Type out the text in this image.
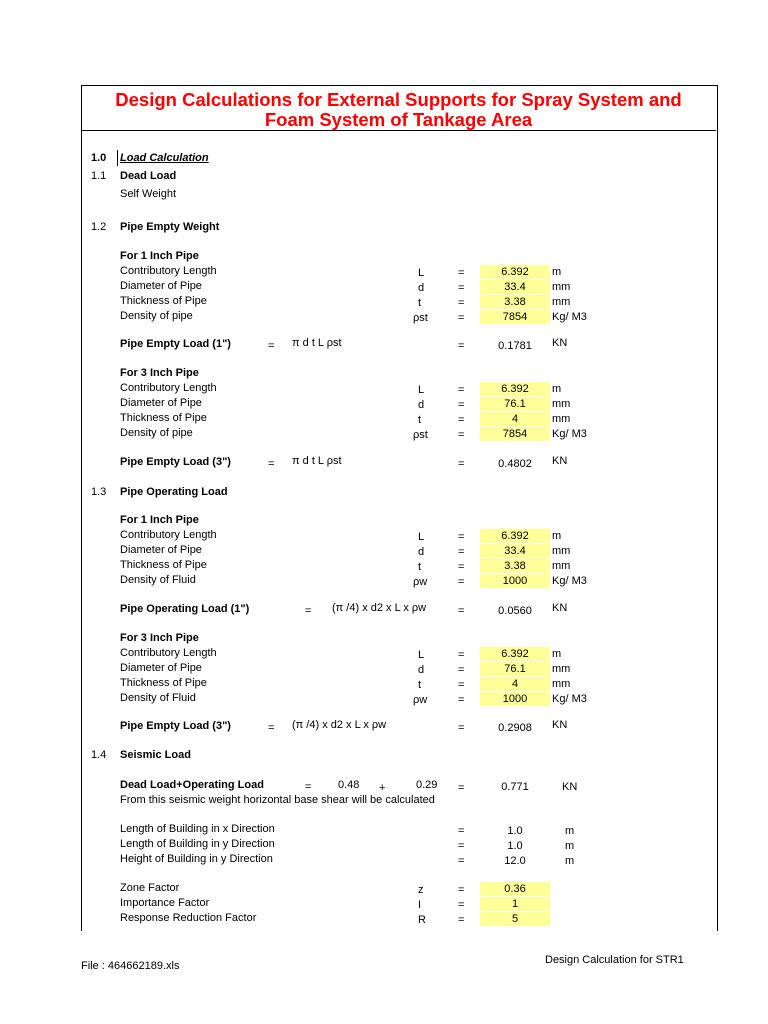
Design Calculations for External Supports for Spray System and
Foam System of Tankage Area
1.0 Load Calculation
1.1 Dead Load
Self Weight
1.2 Pipe Empty Weight
For 1 Inch Pipe
Contributory Length	L	=	6.392	m
Diameter of Pipe	d	=	33.4	mm
Thickness of Pipe	t	=	3.38	mm
Density of pipe	ρst	=	7854	Kg/ M3
Pipe Empty Load (1")	= π d t L ρst	=	0.1781	KN
For 3 Inch Pipe
Contributory Length	L	=	6.392	m
Diameter of Pipe	d	=	76.1	mm
Thickness of Pipe	t	=	4	mm
Density of pipe	ρst	=	7854	Kg/ M3
Pipe Empty Load (3")	= π d t L ρst	=	0.4802	KN
1.3 Pipe Operating Load
For 1 Inch Pipe
Contributory Length	L	=	6.392	m
Diameter of Pipe	d	=	33.4	mm
Thickness of Pipe	t	=	3.38	mm
Density of Fluid	ρw	=	1000	Kg/ M3
Pipe Operating Load (1")	= (π /4) x d2 x L x ρw	=	0.0560	KN
For 3 Inch Pipe
Contributory Length	L	=	6.392	m
Diameter of Pipe	d	=	76.1	mm
Thickness of Pipe	t	=	4	mm
Density of Fluid	ρw	=	1000	Kg/ M3
Pipe Empty Load (3")	= (π /4) x d2 x L x ρw	=	0.2908	KN
1.4 Seismic Load
Dead Load+Operating Load	= 0.48 +	0.29 =	0.771	KN
From this seismic weight horizontal base shear will be calculated
Length of Building in x Direction	=	1.0	m
Length of Building in y Direction	=	1.0	m
Height of Building in y Direction	=	12.0	m
Zone Factor	z	=	0.36
Importance Factor	I	=	1
Response Reduction Factor	R	=	5
File : 464662189.xls	Design Calculation for STR1
